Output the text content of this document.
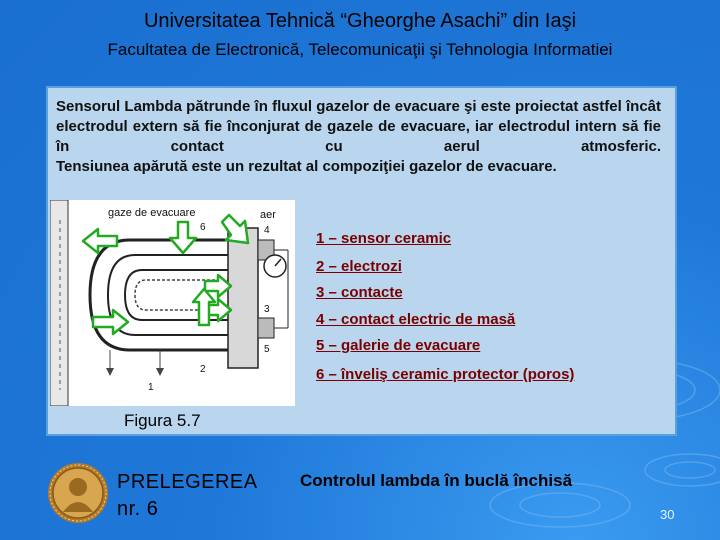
Universitatea Tehnică “Gheorghe Asachi” din Iaşi
Facultatea de Electronică, Telecomunicaţii şi Tehnologia Informatiei
Sensorul Lambda pătrunde în fluxul gazelor de evacuare şi este proiectat astfel încât electrodul extern să fie înconjurat de gazele de evacuare, iar electrodul intern să fie în contact cu aerul atmosferic.
Tensiunea apărută este un rezultat al compoziţiei gazelor de evacuare.
gaze de evacuare	aer
6	4
3
5
1
2
1 – sensor ceramic
2 – electrozi
3 – contacte
4 – contact electric de masă
5 – galerie de evacuare
6 – înveliş ceramic protector (poros)
Figura 5.7
PRELEGEREA
nr. 6
Controlul lambda în buclă închisă
30
